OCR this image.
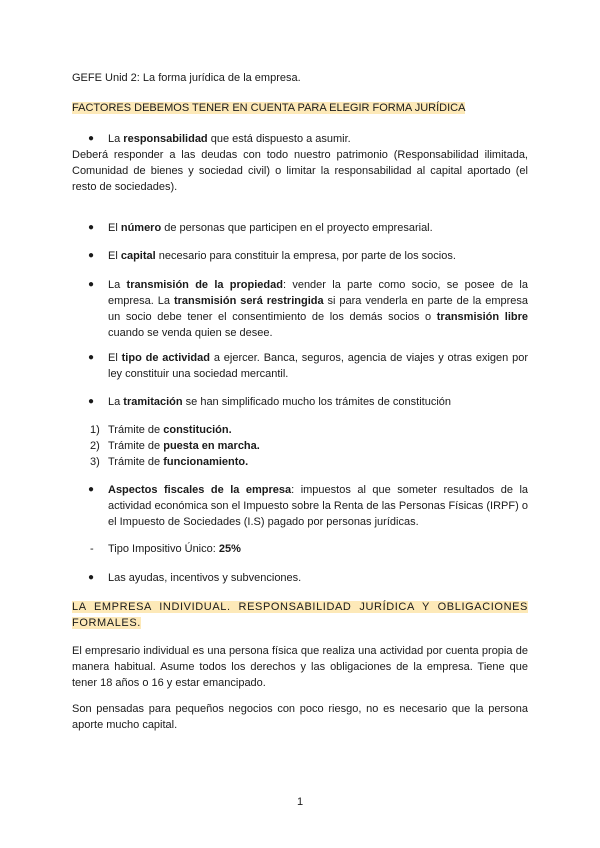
GEFE Unid 2: La forma jurídica de la empresa.
FACTORES DEBEMOS TENER EN CUENTA PARA ELEGIR FORMA JURÍDICA
●	La responsabilidad que está dispuesto a asumir.
Deberá responder a las deudas con todo nuestro patrimonio (Responsabilidad ilimitada, Comunidad de bienes y sociedad civil) o limitar la responsabilidad al capital aportado (el resto de sociedades).
●	El número de personas que participen en el proyecto empresarial.
●	El capital necesario para constituir la empresa, por parte de los socios.
●	La transmisión de la propiedad: vender la parte como socio, se posee de la empresa. La transmisión será restringida si para venderla en parte de la empresa un socio debe tener el consentimiento de los demás socios o transmisión libre cuando se venda quien se desee.
●	El tipo de actividad a ejercer. Banca, seguros, agencia de viajes y otras exigen por ley constituir una sociedad mercantil.
●	La tramitación se han simplificado mucho los trámites de constitución
1) Trámite de constitución.
2) Trámite de puesta en marcha.
3) Trámite de funcionamiento.
●	Aspectos fiscales de la empresa: impuestos al que someter resultados de la actividad económica son el Impuesto sobre la Renta de las Personas Físicas (IRPF) o el Impuesto de Sociedades (I.S) pagado por personas jurídicas.
- Tipo Impositivo Único: 25%
●	Las ayudas, incentivos y subvenciones.
LA EMPRESA INDIVIDUAL. RESPONSABILIDAD JURÍDICA Y OBLIGACIONES FORMALES.
El empresario individual es una persona física que realiza una actividad por cuenta propia de manera habitual. Asume todos los derechos y las obligaciones de la empresa. Tiene que tener 18 años o 16 y estar emancipado.
Son pensadas para pequeños negocios con poco riesgo, no es necesario que la persona aporte mucho capital.
1
